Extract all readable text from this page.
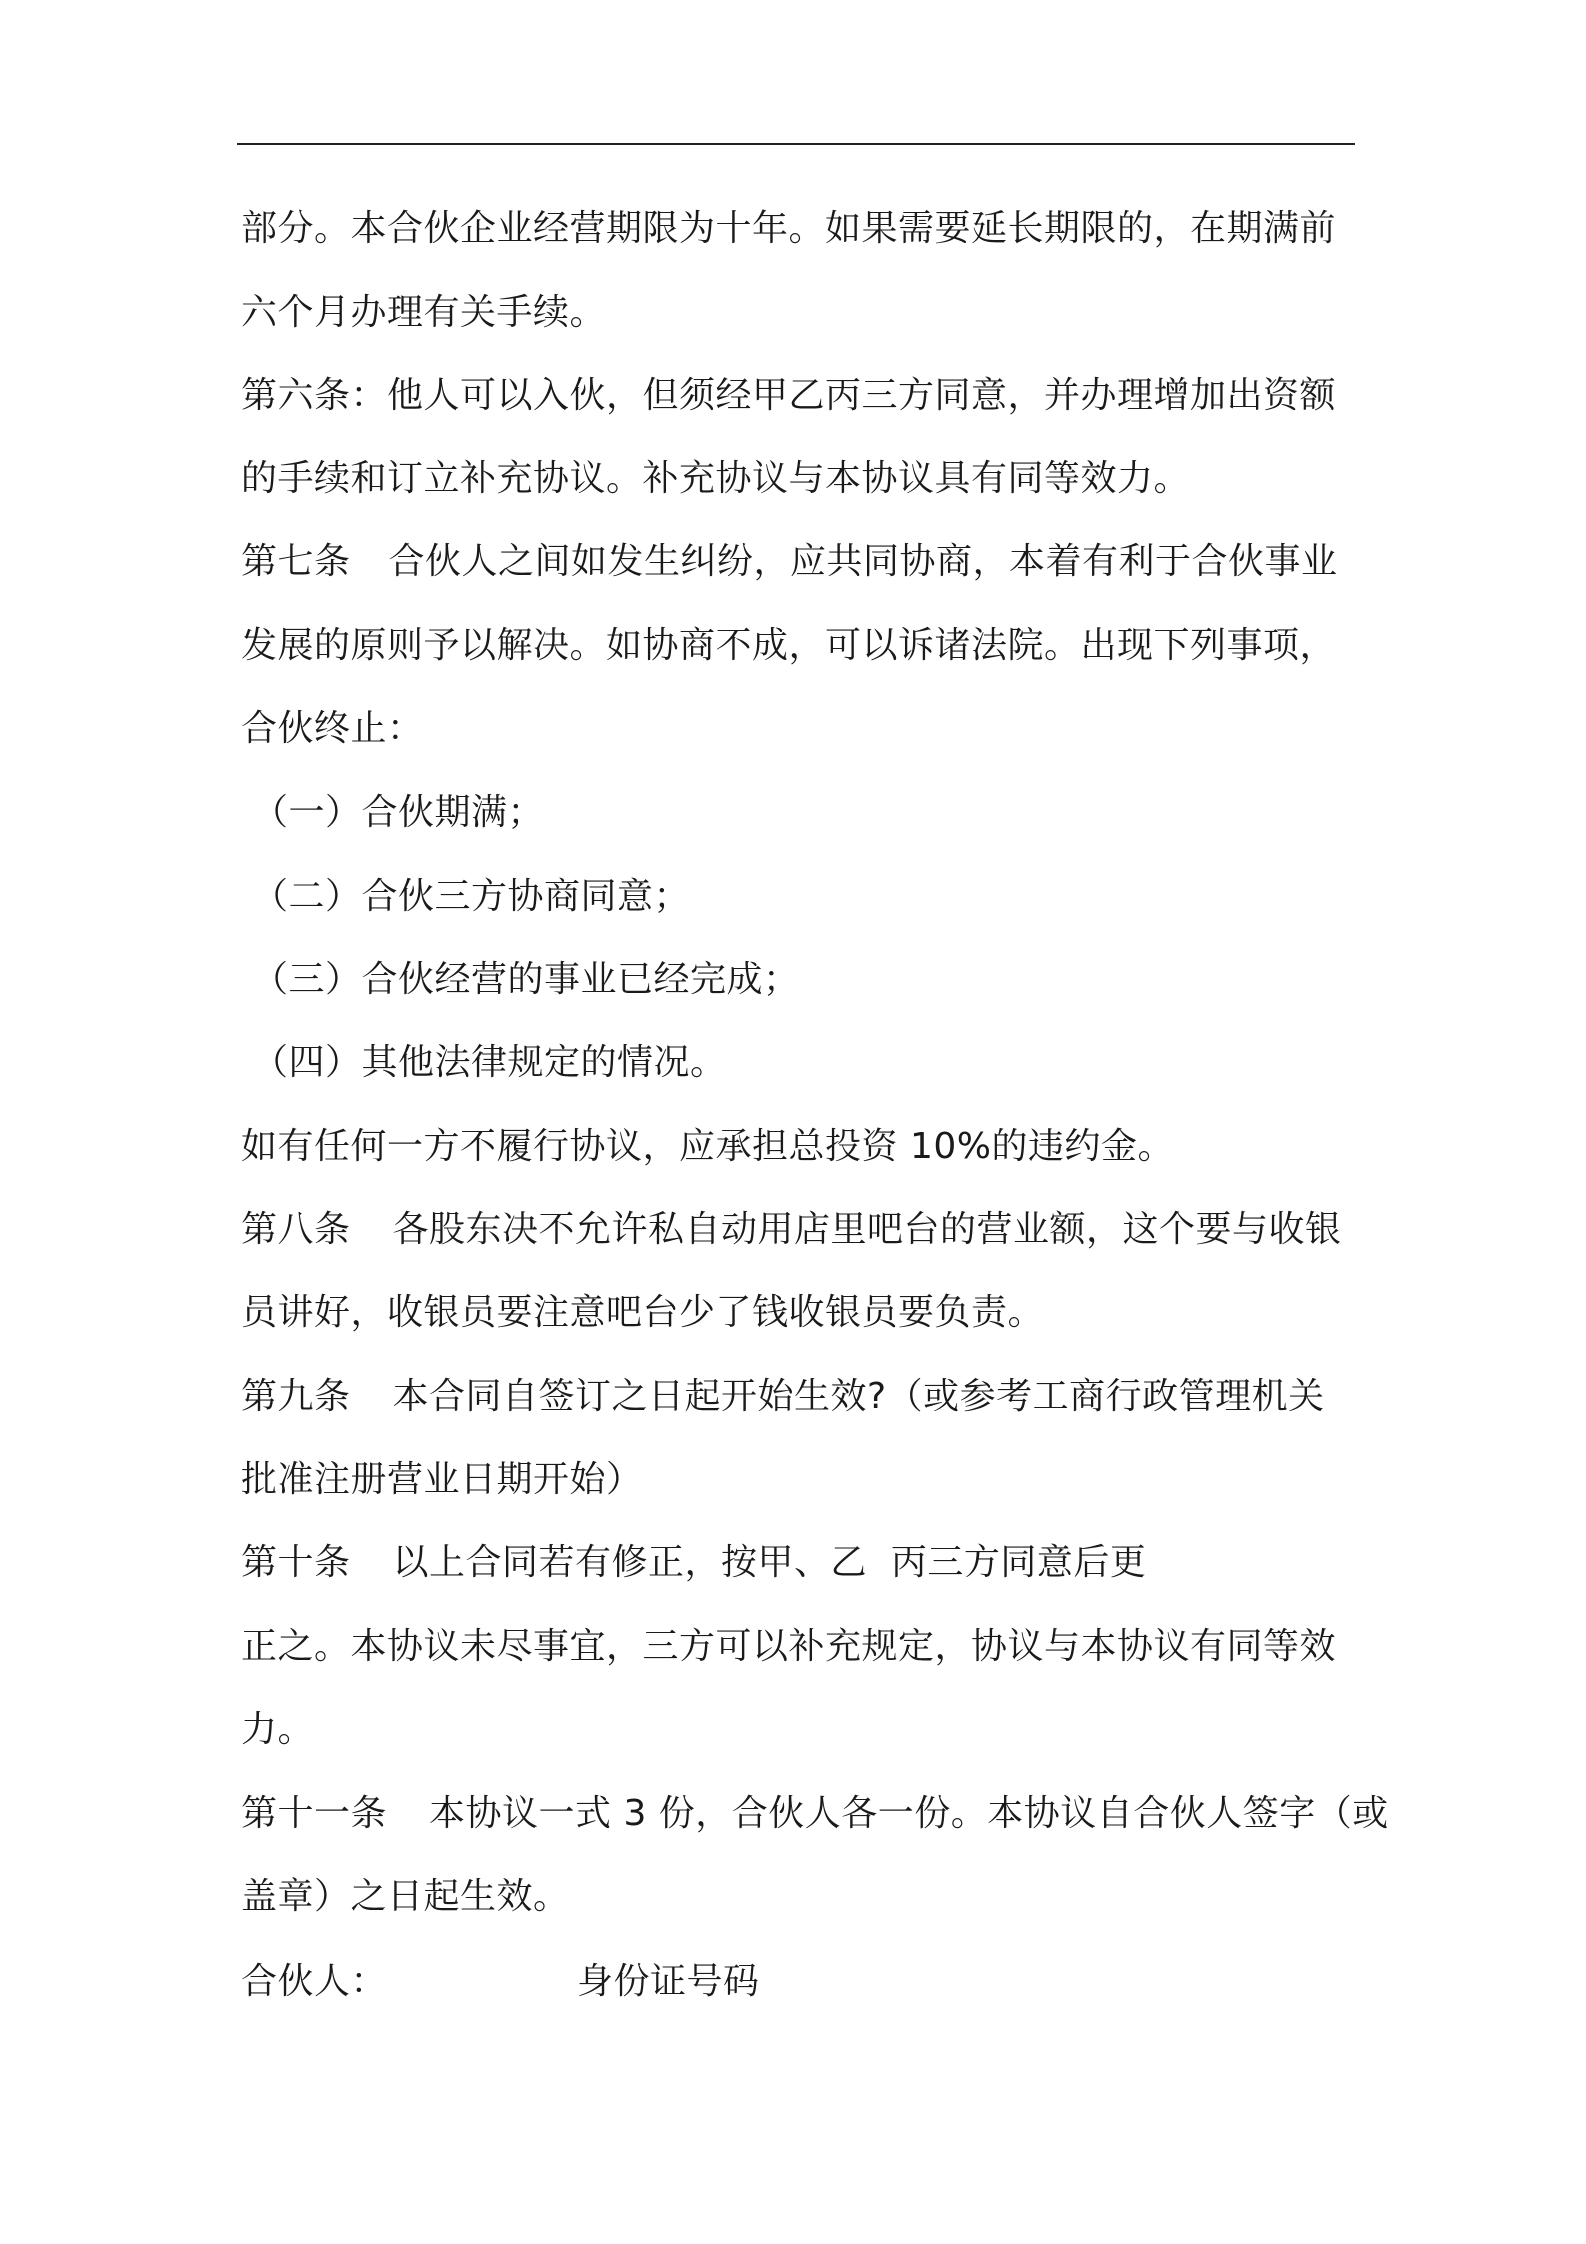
部分。本合伙企业经营期限为十年。如果需要延长期限的，在期满前
六个月办理有关手续。
第六条：他人可以入伙，但须经甲乙丙三方同意，并办理增加出资额
的手续和订立补充协议。补充协议与本协议具有同等效力。
第七条 合伙人之间如发生纠纷，应共同协商，本着有利于合伙事业
发展的原则予以解决。如协商不成，可以诉诸法院。出现下列事项，
合伙终止：
（一）合伙期满；
（二）合伙三方协商同意；
（三）合伙经营的事业已经完成；
（四）其他法律规定的情况。
如有任何一方不履行协议，应承担总投资 10%的违约金。
第八条 各股东决不允许私自动用店里吧台的营业额，这个要与收银
员讲好，收银员要注意吧台少了钱收银员要负责。
第九条 本合同自签订之日起开始生效?（或参考工商行政管理机关
批准注册营业日期开始）
第十条 以上合同若有修正，按甲、乙  丙三方同意后更
正之。本协议未尽事宜，三方可以补充规定，协议与本协议有同等效
力。
第十一条 本协议一式 3 份，合伙人各一份。本协议自合伙人签字（或
盖章）之日起生效。
合伙人：	身份证号码
